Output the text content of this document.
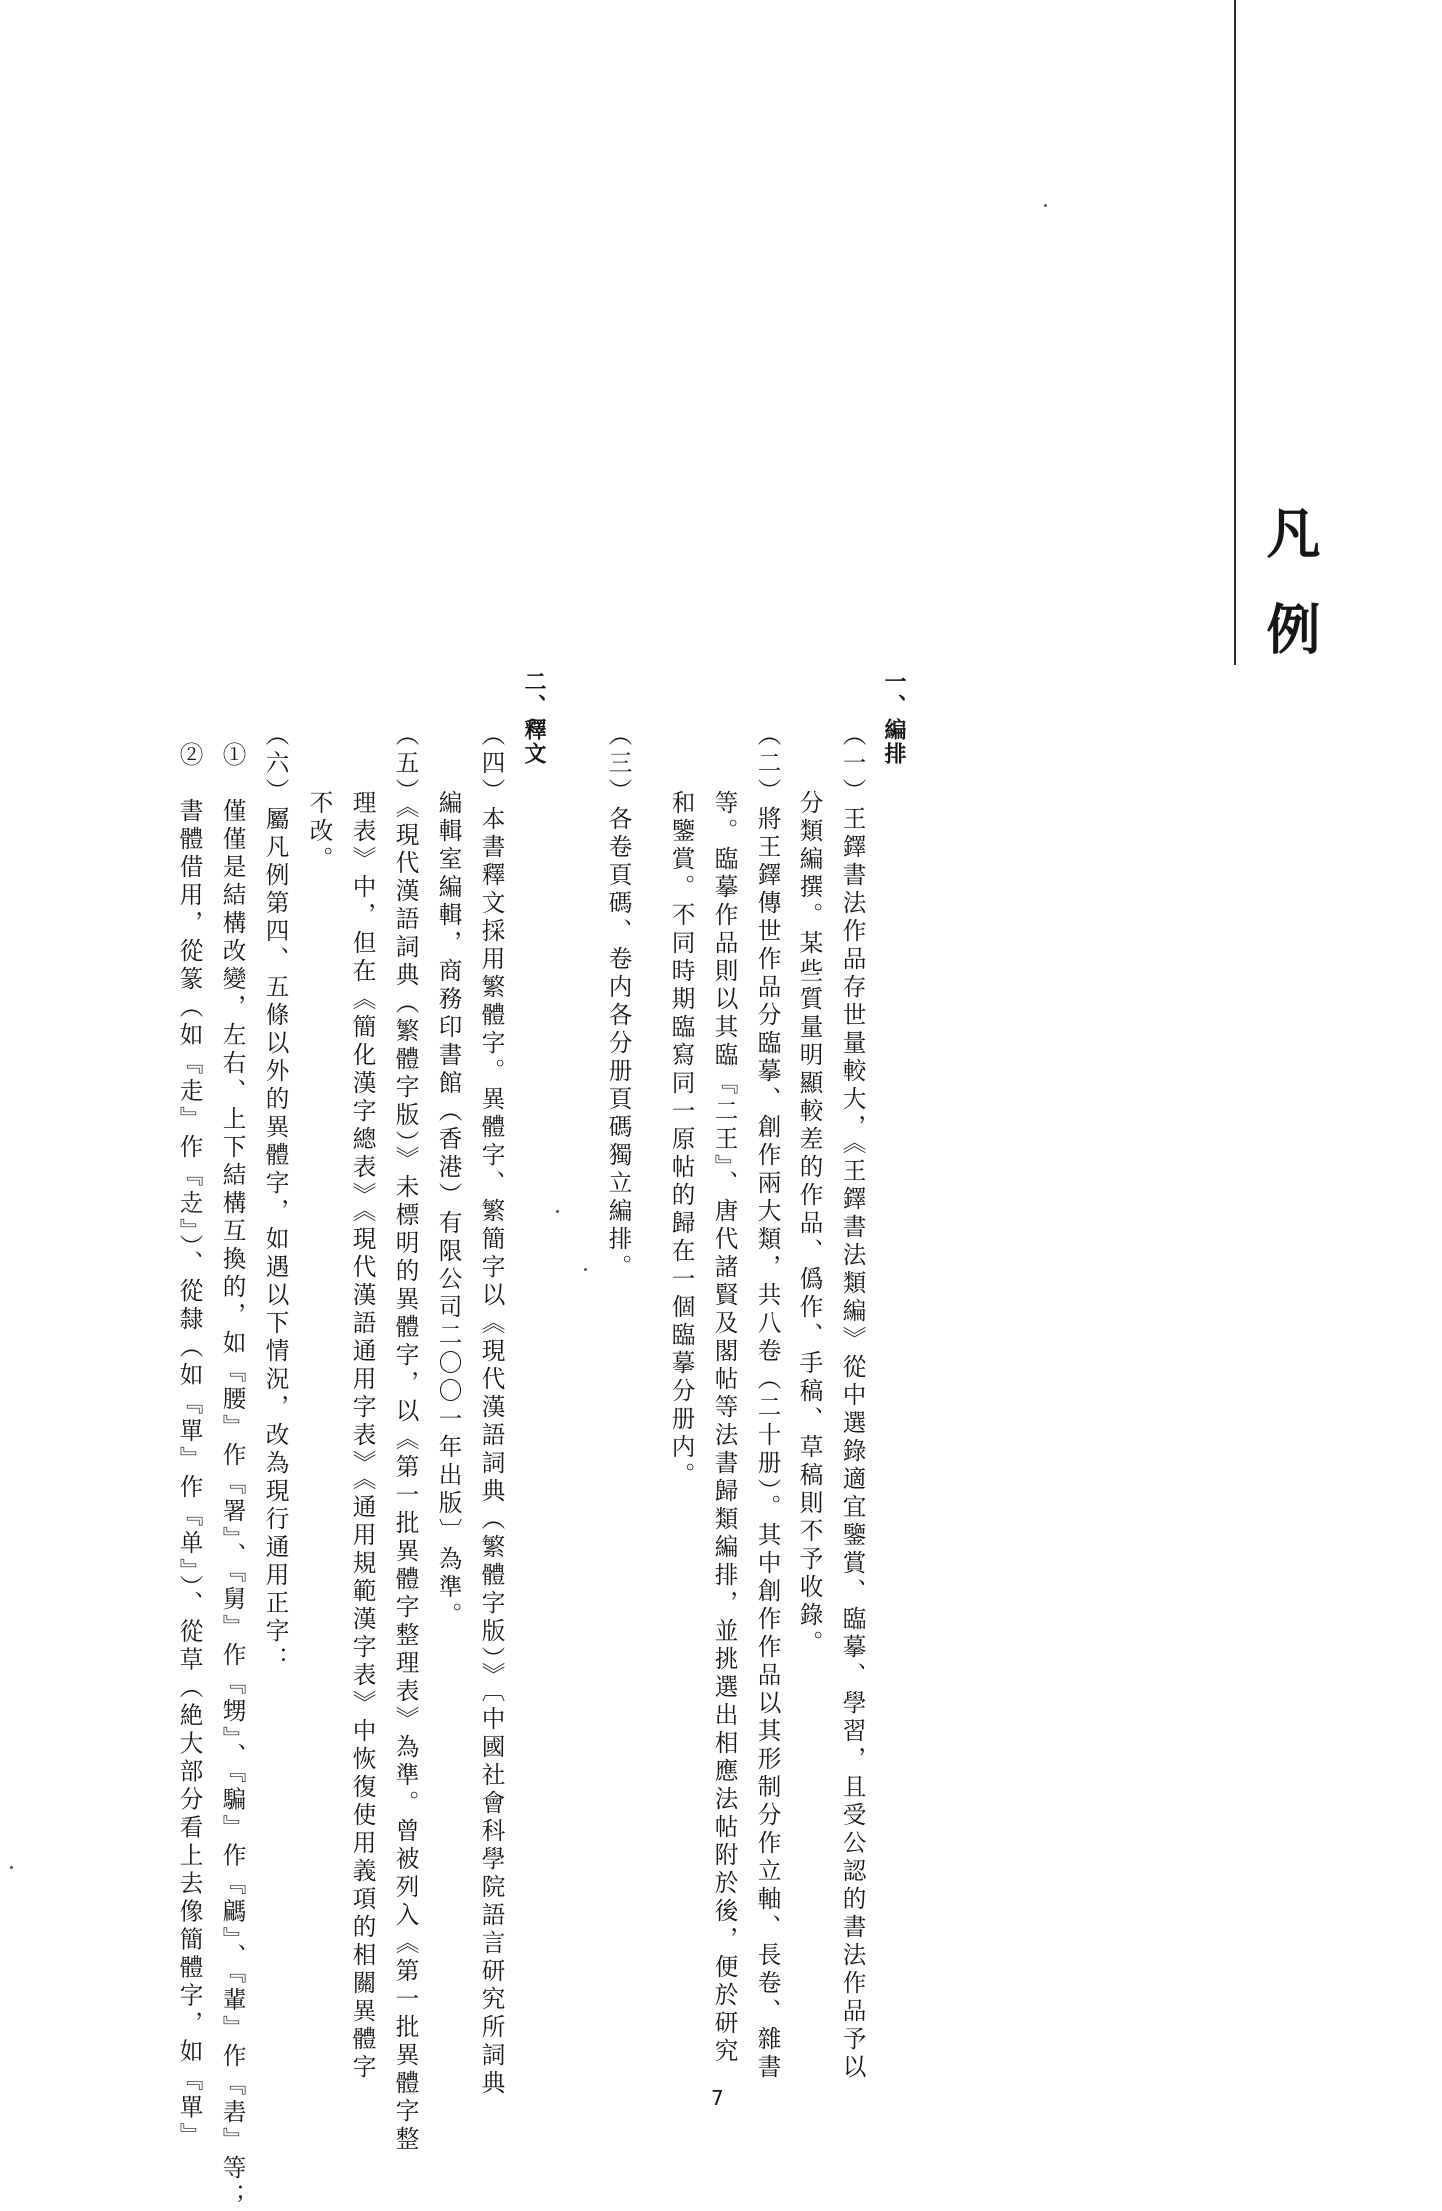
凡例
一、編排
二、釋文
（一）王鐸書法作品存世量較大，《王鐸書法類編》從中選錄適宜鑒賞、臨摹、學習，且受公認的書法作品予以
分類編撰。某些質量明顯較差的作品、僞作、手稿、草稿則不予收錄。
（二）將王鐸傳世作品分臨摹、創作兩大類，共八卷（二十册）。其中創作作品以其形制分作立軸、長卷、雜書
等。臨摹作品則以其臨『二王』、唐代諸賢及閣帖等法書歸類編排，並挑選出相應法帖附於後，便於研究
和鑒賞。不同時期臨寫同一原帖的歸在一個臨摹分册内。
（三）各卷頁碼、卷内各分册頁碼獨立編排。
（四）本書釋文採用繁體字。異體字、繁簡字以《現代漢語詞典（繁體字版）》〔中國社會科學院語言研究所詞典
編輯室編輯，商務印書館（香港）有限公司二〇〇一年出版〕為準。
（五）《現代漢語詞典（繁體字版）》未標明的異體字，以《第一批異體字整理表》為準。曾被列入《第一批異體字整
理表》中，但在《簡化漢字總表》《現代漢語通用字表》《通用規範漢字表》中恢復使用義項的相關異體字
不改。
（六）屬凡例第四、五條以外的異體字，如遇以下情況，改為現行通用正字：
①　僅僅是結構改變，左右、上下結構互換的，如『腰』作『署』、『舅』作『甥』、『騙』作『騗』、『輩』作『砉』等；
②　書體借用，從篆（如『走』作『赱』）、從隸（如『單』作『单』）、從草（絶大部分看上去像簡體字，如『單』	7
